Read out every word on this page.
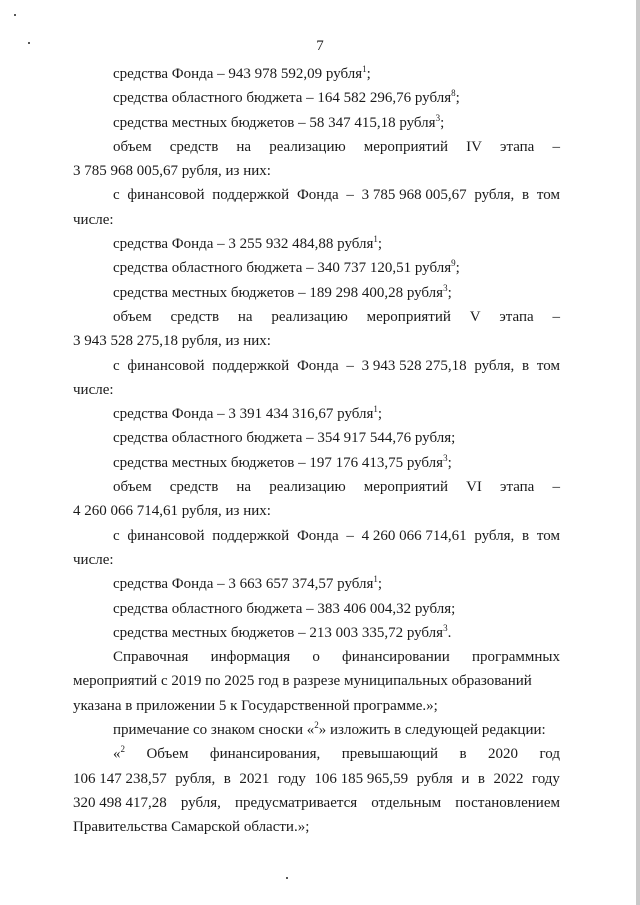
7
средства Фонда – 943 978 592,09 рубля$^1$;
средства областного бюджета – 164 582 296,76 рубля$^8$;
средства местных бюджетов – 58 347 415,18 рубля$^3$;
объем средств на реализацию мероприятий IV этапа –
3 785 968 005,67 рубля, из них:
с финансовой поддержкой Фонда – 3 785 968 005,67 рубля, в том
числе:
средства Фонда – 3 255 932 484,88 рубля$^1$;
средства областного бюджета – 340 737 120,51 рубля$^9$;
средства местных бюджетов – 189 298 400,28 рубля$^3$;
объем средств на реализацию мероприятий V этапа –
3 943 528 275,18 рубля, из них:
с финансовой поддержкой Фонда – 3 943 528 275,18 рубля, в том
числе:
средства Фонда – 3 391 434 316,67 рубля$^1$;
средства областного бюджета – 354 917 544,76 рубля;
средства местных бюджетов – 197 176 413,75 рубля$^3$;
объем средств на реализацию мероприятий VI этапа –
4 260 066 714,61 рубля, из них:
с финансовой поддержкой Фонда – 4 260 066 714,61 рубля, в том
числе:
средства Фонда – 3 663 657 374,57 рубля$^1$;
средства областного бюджета – 383 406 004,32 рубля;
средства местных бюджетов – 213 003 335,72 рубля$^3$.
Справочная информация о финансировании программных
мероприятий с 2019 по 2025 год в разрезе муниципальных образований
указана в приложении 5 к Государственной программе.»;
примечание со знаком сноски «$^2$» изложить в следующей редакции:
«$^2$ Объем финансирования, превышающий в 2020 год
106 147 238,57 рубля, в 2021 году 106 185 965,59 рубля и в 2022 году
320 498 417,28 рубля, предусматривается отдельным постановлением
Правительства Самарской области.»;
